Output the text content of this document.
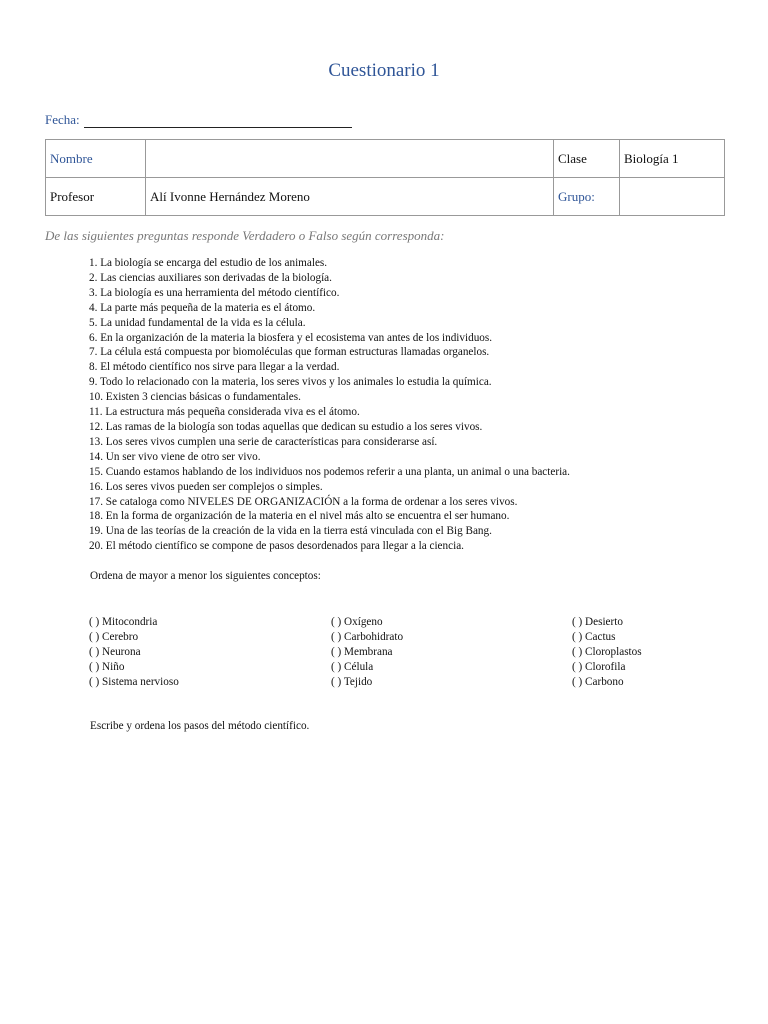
Cuestionario 1
Fecha:
Nombre		Clase	Biología 1
Profesor	Alí Ivonne Hernández Moreno	Grupo:	
De las siguientes preguntas responde Verdadero o Falso según corresponda:
1. La biología se encarga del estudio de los animales.
2. Las ciencias auxiliares son derivadas de la biología.
3. La biología es una herramienta del método científico.
4. La parte más pequeña de la materia es el átomo.
5. La unidad fundamental de la vida es la célula.
6. En la organización de la materia la biosfera y el ecosistema van antes de los individuos.
7. La célula está compuesta por biomoléculas que forman estructuras llamadas organelos.
8. El método científico nos sirve para llegar a la verdad.
9. Todo lo relacionado con la materia, los seres vivos y los animales lo estudia la química.
10. Existen 3 ciencias básicas o fundamentales.
11. La estructura más pequeña considerada viva es el átomo.
12. Las ramas de la biología son todas aquellas que dedican su estudio a los seres vivos.
13. Los seres vivos cumplen una serie de características para considerarse así.
14. Un ser vivo viene de otro ser vivo.
15. Cuando estamos hablando de los individuos nos podemos referir a una planta, un animal o una bacteria.
16. Los seres vivos pueden ser complejos o simples.
17. Se cataloga como NIVELES DE ORGANIZACIÓN a la forma de ordenar a los seres vivos.
18. En la forma de organización de la materia en el nivel más alto se encuentra el ser humano.
19. Una de las teorías de la creación de la vida en la tierra está vinculada con el Big Bang.
20. El método científico se compone de pasos desordenados para llegar a la ciencia.
Ordena de mayor a menor los siguientes conceptos:
( ) Mitocondria
( ) Cerebro
( ) Neurona
( ) Niño
( ) Sistema nervioso
( ) Oxígeno
( ) Carbohidrato
( ) Membrana
( ) Célula
( ) Tejido
( ) Desierto
( ) Cactus
( ) Cloroplastos
( ) Clorofila
( ) Carbono
Escribe y ordena los pasos del método científico.
